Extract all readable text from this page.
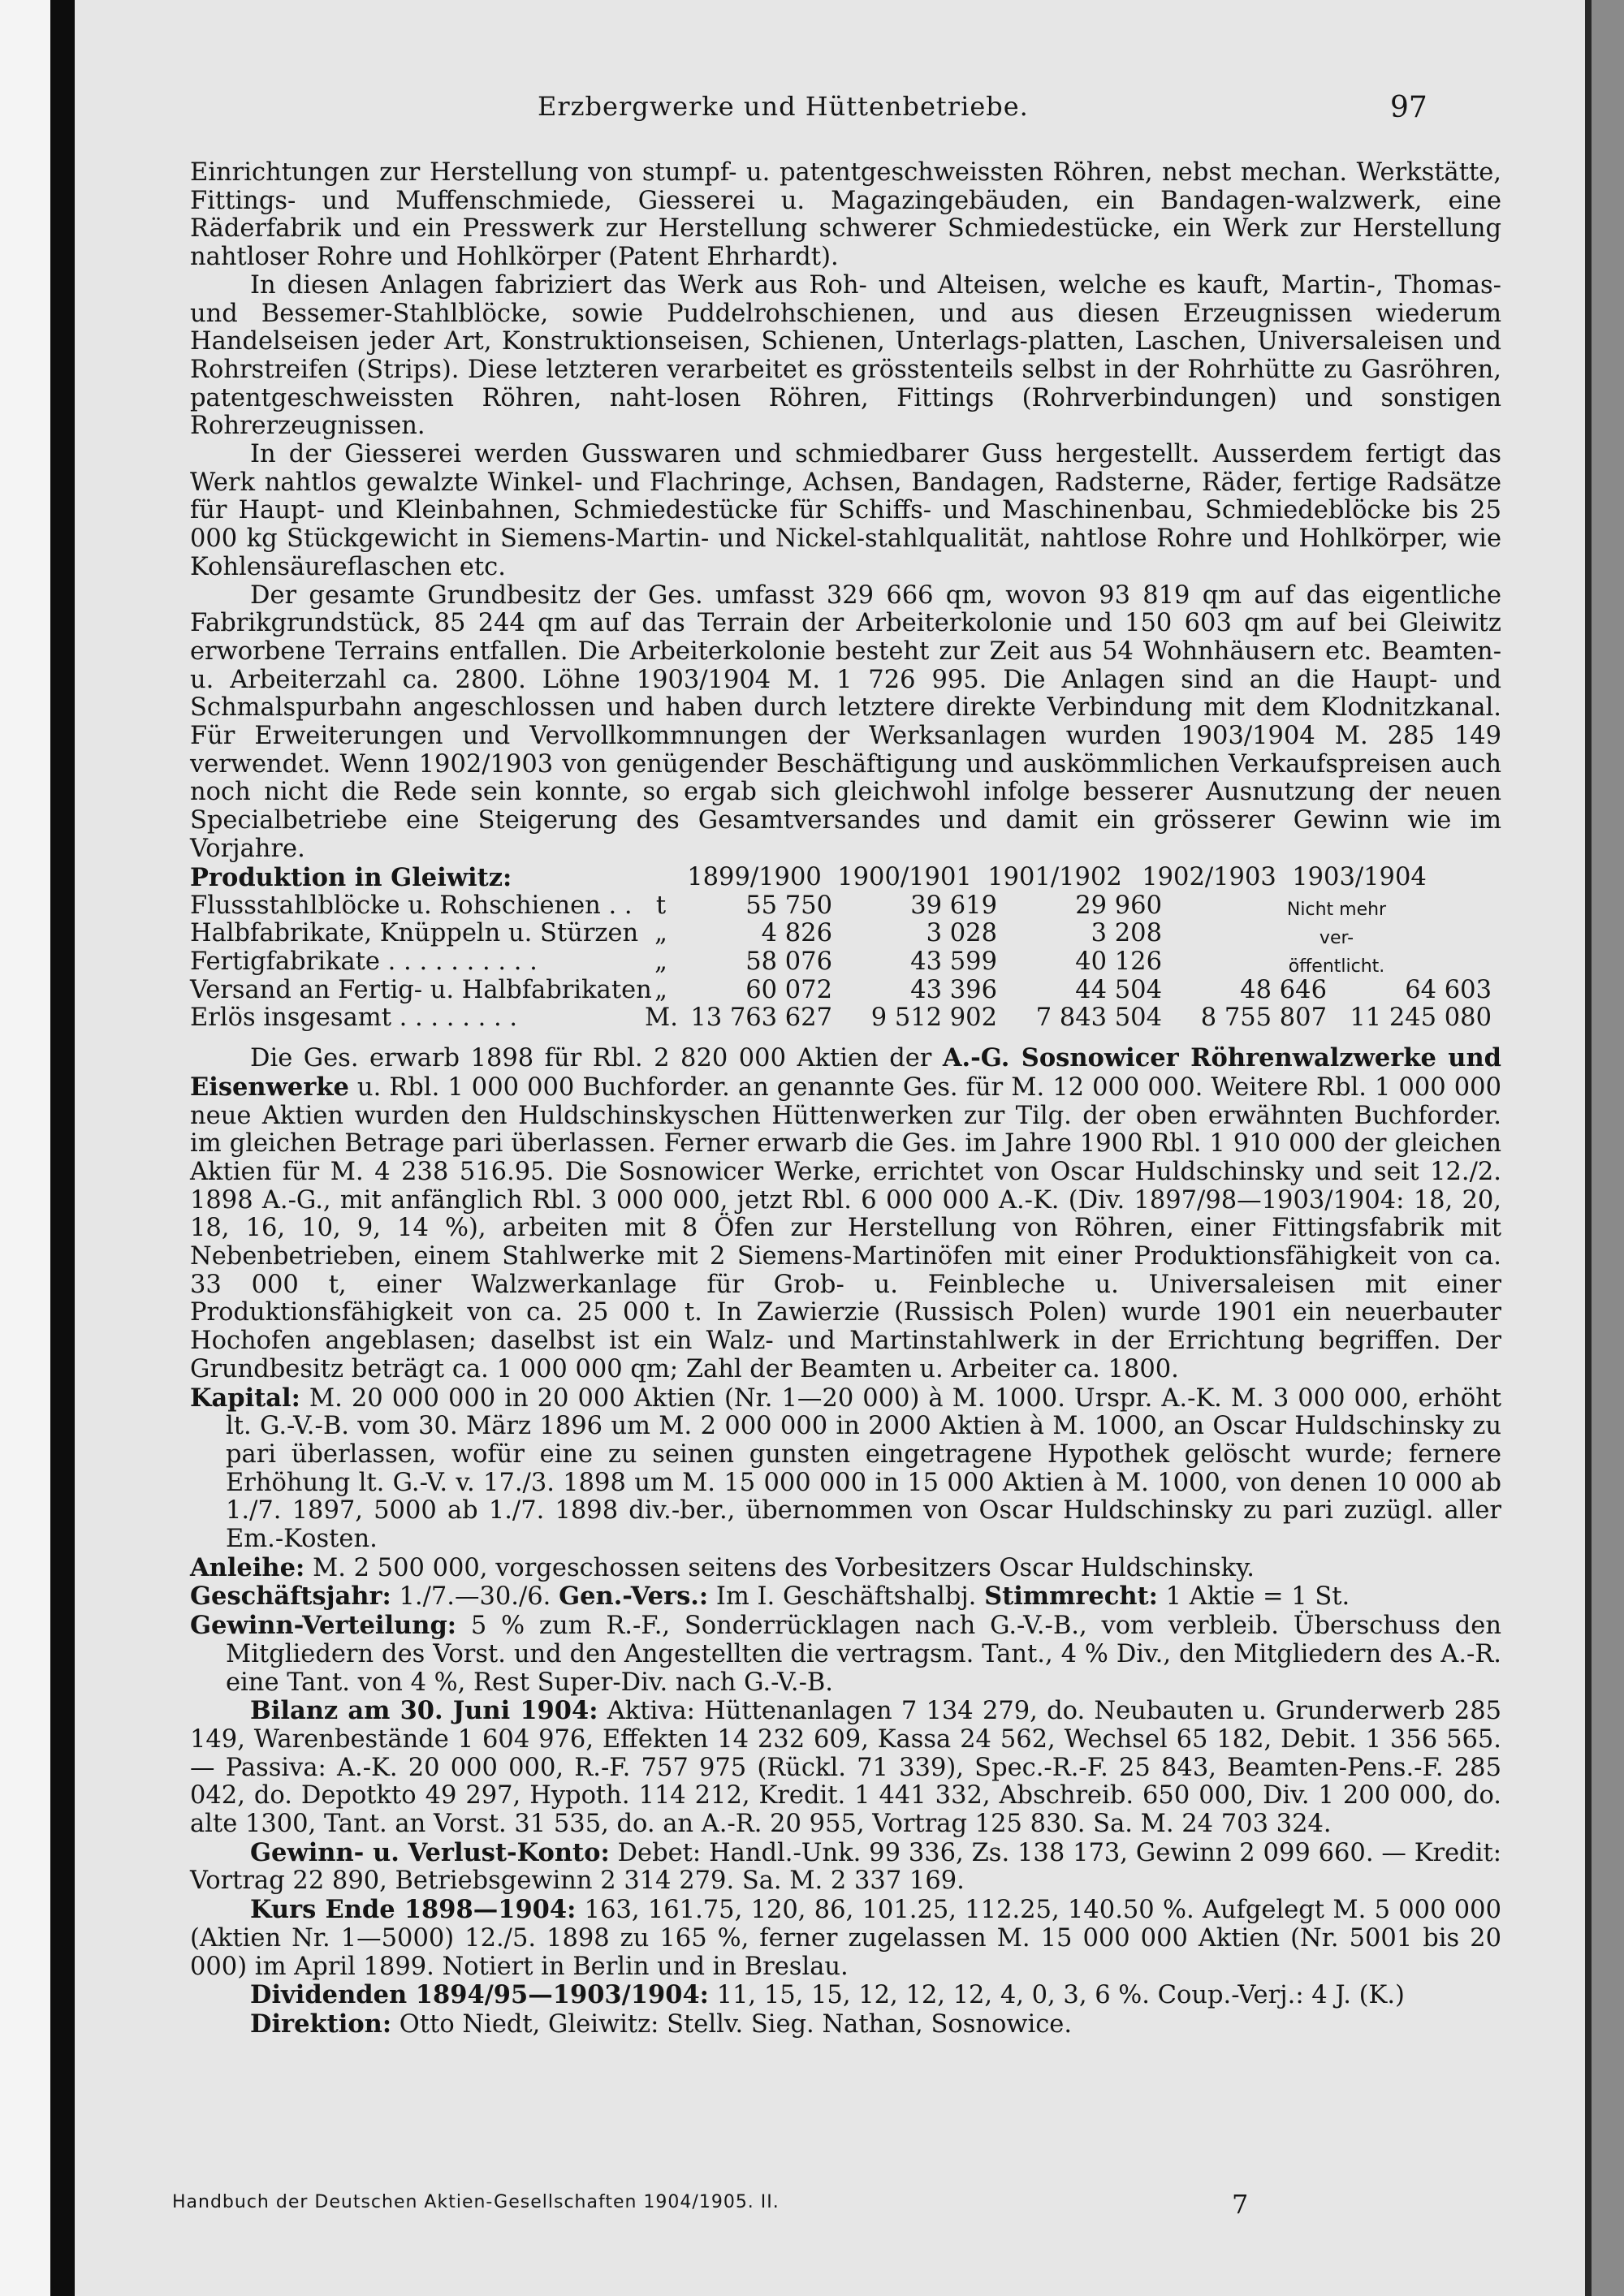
Erzbergwerke und Hüttenbetriebe.	97

Einrichtungen zur Herstellung von stumpf- u. patentgeschweissten Röhren, nebst mechan. Werkstätte, Fittings- und Muffenschmiede, Giesserei u. Magazingebäuden, ein Bandagen-walzwerk, eine Räderfabrik und ein Presswerk zur Herstellung schwerer Schmiedestücke, ein Werk zur Herstellung nahtloser Rohre und Hohlkörper (Patent Ehrhardt).

In diesen Anlagen fabriziert das Werk aus Roh- und Alteisen, welche es kauft, Martin-, Thomas- und Bessemer-Stahlblöcke, sowie Puddelrohschienen, und aus diesen Erzeugnissen wiederum Handelseisen jeder Art, Konstruktionseisen, Schienen, Unterlags-platten, Laschen, Universaleisen und Rohrstreifen (Strips). Diese letzteren verarbeitet es grösstenteils selbst in der Rohrhütte zu Gasröhren, patentgeschweissten Röhren, naht-losen Röhren, Fittings (Rohrverbindungen) und sonstigen Rohrerzeugnissen.

In der Giesserei werden Gusswaren und schmiedbarer Guss hergestellt. Ausserdem fertigt das Werk nahtlos gewalzte Winkel- und Flachringe, Achsen, Bandagen, Radsterne, Räder, fertige Radsätze für Haupt- und Kleinbahnen, Schmiedestücke für Schiffs- und Maschinenbau, Schmiedeblöcke bis 25 000 kg Stückgewicht in Siemens-Martin- und Nickel-stahlqualität, nahtlose Rohre und Hohlkörper, wie Kohlensäureflaschen etc.

Der gesamte Grundbesitz der Ges. umfasst 329 666 qm, wovon 93 819 qm auf das eigentliche Fabrikgrundstück, 85 244 qm auf das Terrain der Arbeiterkolonie und 150 603 qm auf bei Gleiwitz erworbene Terrains entfallen. Die Arbeiterkolonie besteht zur Zeit aus 54 Wohnhäusern etc. Beamten- u. Arbeiterzahl ca. 2800. Löhne 1903/1904 M. 1 726 995. Die Anlagen sind an die Haupt- und Schmalspurbahn angeschlossen und haben durch letztere direkte Verbindung mit dem Klodnitzkanal. Für Erweiterungen und Vervollkommnungen der Werksanlagen wurden 1903/1904 M. 285 149 verwendet. Wenn 1902/1903 von genügender Beschäftigung und auskömmlichen Verkaufspreisen auch noch nicht die Rede sein konnte, so ergab sich gleichwohl infolge besserer Ausnutzung der neuen Specialbetriebe eine Steigerung des Gesamtversandes und damit ein grösserer Gewinn wie im Vorjahre.

Produktion in Gleiwitz:	1899/1900 1900/1901 1901/1902 1902/1903 1903/1904
Flussstahlblöcke u. Rohschienen . .	t	55 750	39 619	29 960	Nicht mehr	
Halbfabrikate, Knüppeln u. Stürzen	„	4 826	3 028	3 208	ver-	
Fertigfabrikate . . . . . . . . . .	„	58 076	43 599	40 126	öffentlicht.	
Versand an Fertig- u. Halbfabrikaten	„	60 072	43 396	44 504	48 646	64 603
Erlös insgesamt . . . . . . . .	M.	13 763 627	9 512 902	7 843 504	8 755 807	11 245 080

Die Ges. erwarb 1898 für Rbl. 2 820 000 Aktien der A.-G. Sosnowicer Röhrenwalzwerke und Eisenwerke u. Rbl. 1 000 000 Buchforder. an genannte Ges. für M. 12 000 000. Weitere Rbl. 1 000 000 neue Aktien wurden den Huldschinskyschen Hüttenwerken zur Tilg. der oben erwähnten Buchforder. im gleichen Betrage pari überlassen. Ferner erwarb die Ges. im Jahre 1900 Rbl. 1 910 000 der gleichen Aktien für M. 4 238 516.95. Die Sosnowicer Werke, errichtet von Oscar Huldschinsky und seit 12./2. 1898 A.-G., mit anfänglich Rbl. 3 000 000, jetzt Rbl. 6 000 000 A.-K. (Div. 1897/98—1903/1904: 18, 20, 18, 16, 10, 9, 14 %), arbeiten mit 8 Öfen zur Herstellung von Röhren, einer Fittingsfabrik mit Nebenbetrieben, einem Stahlwerke mit 2 Siemens-Martinöfen mit einer Produktionsfähigkeit von ca. 33 000 t, einer Walzwerkanlage für Grob- u. Feinbleche u. Universaleisen mit einer Produktionsfähigkeit von ca. 25 000 t. In Zawierzie (Russisch Polen) wurde 1901 ein neuerbauter Hochofen angeblasen; daselbst ist ein Walz- und Martinstahlwerk in der Errichtung begriffen. Der Grundbesitz beträgt ca. 1 000 000 qm; Zahl der Beamten u. Arbeiter ca. 1800.

Kapital: M. 20 000 000 in 20 000 Aktien (Nr. 1—20 000) à M. 1000. Urspr. A.-K. M. 3 000 000, erhöht lt. G.-V.-B. vom 30. März 1896 um M. 2 000 000 in 2000 Aktien à M. 1000, an Oscar Huldschinsky zu pari überlassen, wofür eine zu seinen gunsten eingetragene Hypothek gelöscht wurde; fernere Erhöhung lt. G.-V. v. 17./3. 1898 um M. 15 000 000 in 15 000 Aktien à M. 1000, von denen 10 000 ab 1./7. 1897, 5000 ab 1./7. 1898 div.-ber., übernommen von Oscar Huldschinsky zu pari zuzügl. aller Em.-Kosten.

Anleihe: M. 2 500 000, vorgeschossen seitens des Vorbesitzers Oscar Huldschinsky.

Geschäftsjahr: 1./7.—30./6. Gen.-Vers.: Im I. Geschäftshalbj. Stimmrecht: 1 Aktie = 1 St.

Gewinn-Verteilung: 5 % zum R.-F., Sonderrücklagen nach G.-V.-B., vom verbleib. Überschuss den Mitgliedern des Vorst. und den Angestellten die vertragsm. Tant., 4 % Div., den Mitgliedern des A.-R. eine Tant. von 4 %, Rest Super-Div. nach G.-V.-B.

Bilanz am 30. Juni 1904: Aktiva: Hüttenanlagen 7 134 279, do. Neubauten u. Grunderwerb 285 149, Warenbestände 1 604 976, Effekten 14 232 609, Kassa 24 562, Wechsel 65 182, Debit. 1 356 565. — Passiva: A.-K. 20 000 000, R.-F. 757 975 (Rückl. 71 339), Spec.-R.-F. 25 843, Beamten-Pens.-F. 285 042, do. Depotkto 49 297, Hypoth. 114 212, Kredit. 1 441 332, Abschreib. 650 000, Div. 1 200 000, do. alte 1300, Tant. an Vorst. 31 535, do. an A.-R. 20 955, Vortrag 125 830. Sa. M. 24 703 324.

Gewinn- u. Verlust-Konto: Debet: Handl.-Unk. 99 336, Zs. 138 173, Gewinn 2 099 660. — Kredit: Vortrag 22 890, Betriebsgewinn 2 314 279. Sa. M. 2 337 169.

Kurs Ende 1898—1904: 163, 161.75, 120, 86, 101.25, 112.25, 140.50 %. Aufgelegt M. 5 000 000 (Aktien Nr. 1—5000) 12./5. 1898 zu 165 %, ferner zugelassen M. 15 000 000 Aktien (Nr. 5001 bis 20 000) im April 1899. Notiert in Berlin und in Breslau.

Dividenden 1894/95—1903/1904: 11, 15, 15, 12, 12, 12, 4, 0, 3, 6 %. Coup.-Verj.: 4 J. (K.)

Direktion: Otto Niedt, Gleiwitz: Stellv. Sieg. Nathan, Sosnowice.

Handbuch der Deutschen Aktien-Gesellschaften 1904/1905. II.	7
